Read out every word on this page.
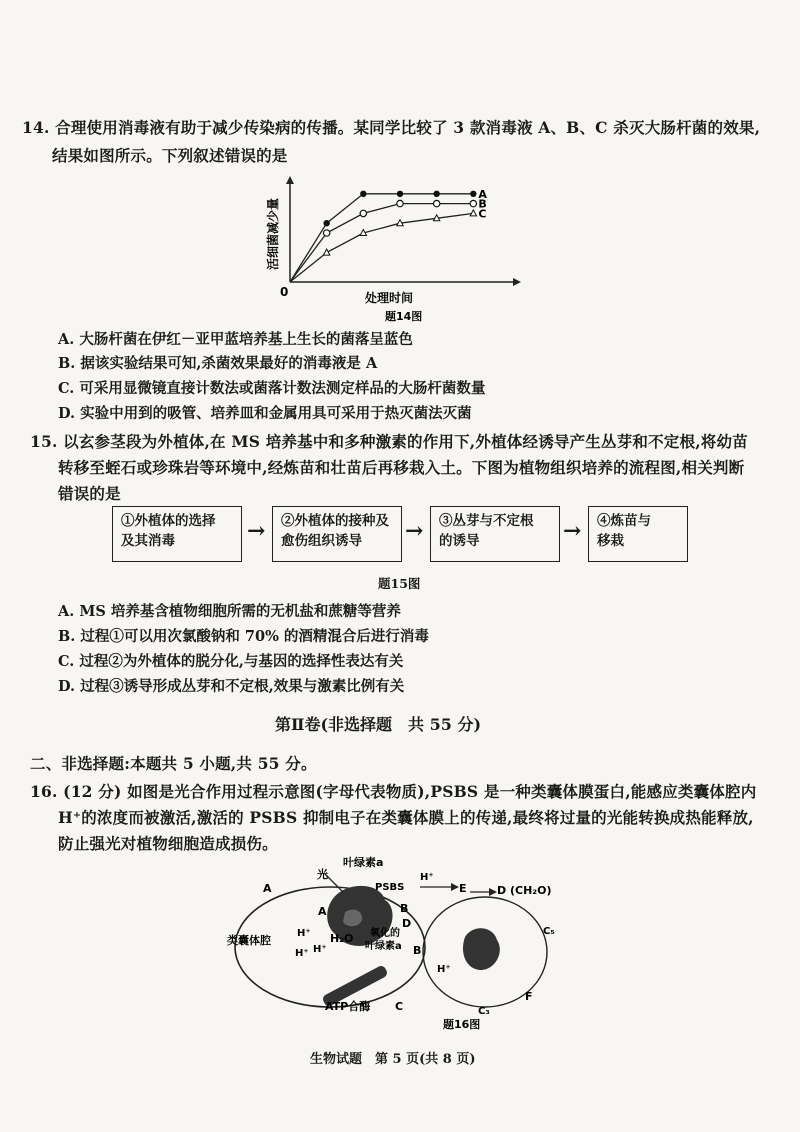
14. 合理使用消毒液有助于减少传染病的传播。某同学比较了 3 款消毒液 A、B、C 杀灭大肠杆菌的效果,
结果如图所示。下列叙述错误的是
活细菌减少量
0	处理时间
题14图
A
B
C
A. 大肠杆菌在伊红－亚甲蓝培养基上生长的菌落呈蓝色
B. 据该实验结果可知,杀菌效果最好的消毒液是 A
C. 可采用显微镜直接计数法或菌落计数法测定样品的大肠杆菌数量
D. 实验中用到的吸管、培养皿和金属用具可采用于热灭菌法灭菌
15. 以玄参茎段为外植体,在 MS 培养基中和多种激素的作用下,外植体经诱导产生丛芽和不定根,将幼苗
转移至蛭石或珍珠岩等环境中,经炼苗和壮苗后再移栽入土。下图为植物组织培养的流程图,相关判断
错误的是
①外植体的选择
及其消毒	→ ②外植体的接种及
愈伤组织诱导	→ ③丛芽与不定根
的诱导	→ ④炼苗与
移栽
题15图
A. MS 培养基含植物细胞所需的无机盐和蔗糖等营养
B. 过程①可以用次氯酸钠和 70% 的酒精混合后进行消毒
C. 过程②为外植体的脱分化,与基因的选择性表达有关
D. 过程③诱导形成丛芽和不定根,效果与激素比例有关
第Ⅱ卷(非选择题　共 55 分)
二、非选择题:本题共 5 小题,共 55 分。
16. (12 分) 如图是光合作用过程示意图(字母代表物质),PSBS 是一种类囊体膜蛋白,能感应类囊体腔内
H⁺的浓度而被激活,激活的 PSBS 抑制电子在类囊体膜上的传递,最终将过量的光能转换成热能释放,
防止强光对植物细胞造成损伤。
叶绿素a
光
PSBS
A
A
类囊体腔	H₂O
H⁺
H⁺
H⁺
氧化的
叶绿素a
B
D
B
H⁺
E	D (CH₂O)
C₅
H⁺
ATP合酶 C	C₃
F
题16图
生物试题　第 5 页(共 8 页)
